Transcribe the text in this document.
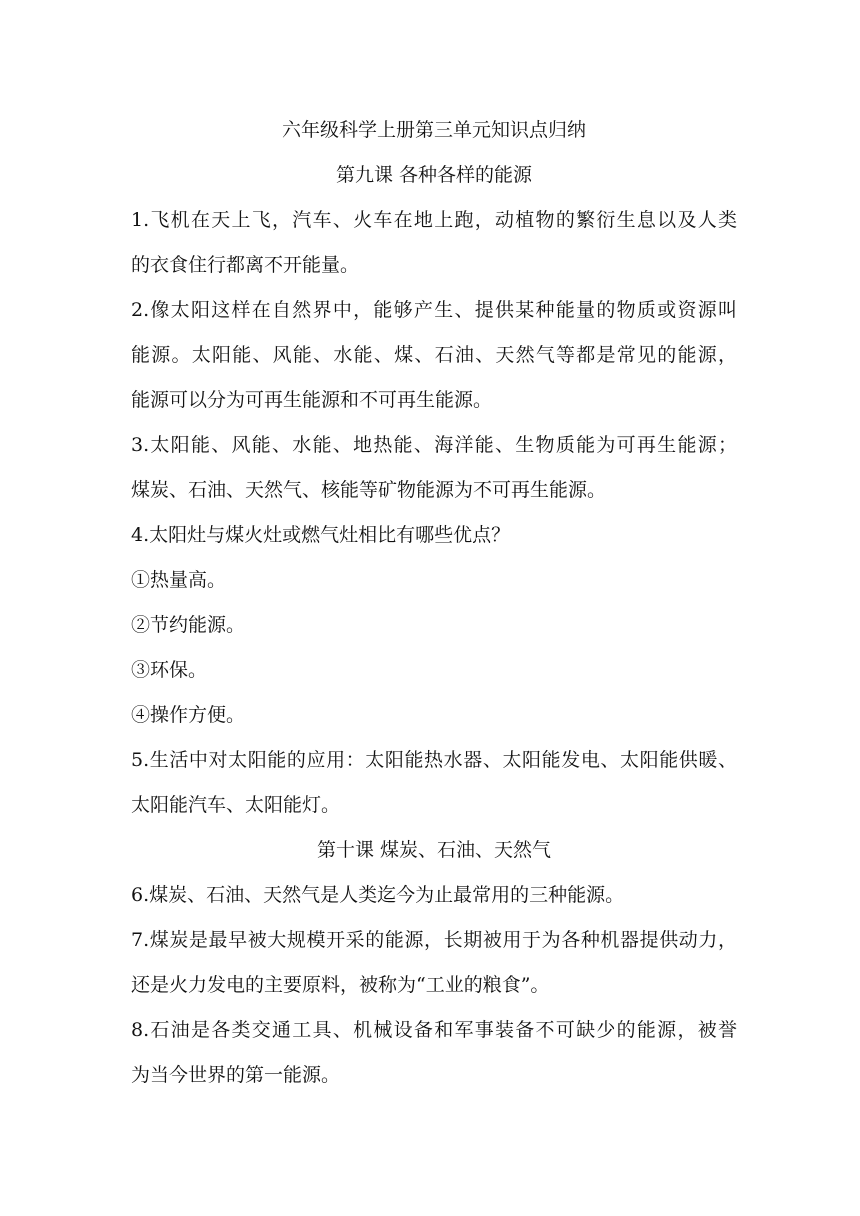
六年级科学上册第三单元知识点归纳

第九课 各种各样的能源

1.飞机在天上飞，汽车、火车在地上跑，动植物的繁衍生息以及人类
的衣食住行都离不开能量。

2.像太阳这样在自然界中，能够产生、提供某种能量的物质或资源叫
能源。太阳能、风能、水能、煤、石油、天然气等都是常见的能源，
能源可以分为可再生能源和不可再生能源。

3.太阳能、风能、水能、地热能、海洋能、生物质能为可再生能源；
煤炭、石油、天然气、核能等矿物能源为不可再生能源。

4.太阳灶与煤火灶或燃气灶相比有哪些优点？

①热量高。

②节约能源。

③环保。

④操作方便。

5.生活中对太阳能的应用：太阳能热水器、太阳能发电、太阳能供暖、
太阳能汽车、太阳能灯。

第十课 煤炭、石油、天然气

6.煤炭、石油、天然气是人类迄今为止最常用的三种能源。

7.煤炭是最早被大规模开采的能源，长期被用于为各种机器提供动力，
还是火力发电的主要原料，被称为“工业的粮食”。

8.石油是各类交通工具、机械设备和军事装备不可缺少的能源，被誉
为当今世界的第一能源。
